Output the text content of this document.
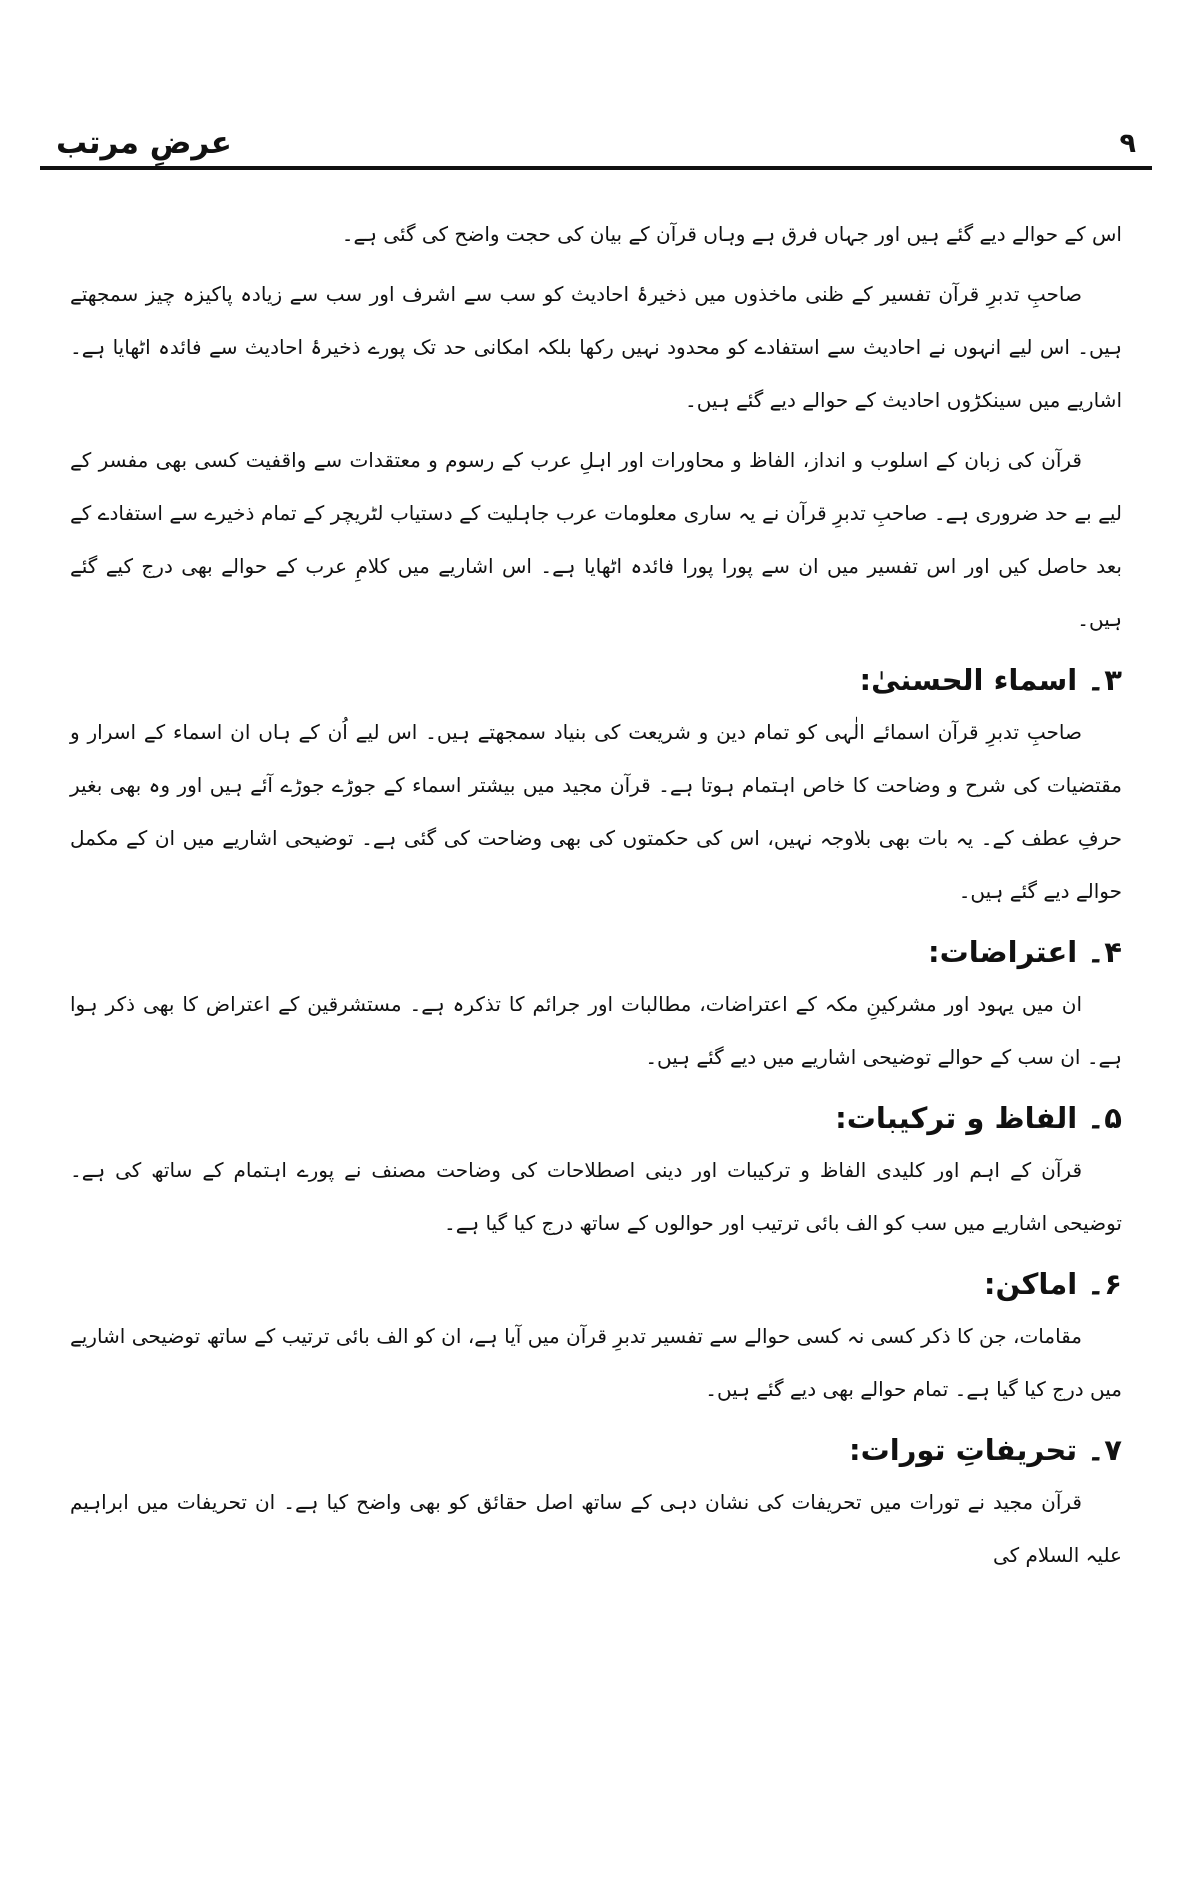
۹
عرضِ مرتب

اس کے حوالے دیے گئے ہیں اور جہاں فرق ہے وہاں قرآن کے بیان کی حجت واضح کی گئی ہے۔

صاحبِ تدبرِ قرآن تفسیر کے ظنی ماخذوں میں ذخیرۂ احادیث کو سب سے اشرف اور سب سے زیادہ پاکیزہ چیز سمجھتے ہیں۔ اس لیے انہوں نے احادیث سے استفادے کو محدود نہیں رکھا بلکہ امکانی حد تک پورے ذخیرۂ احادیث سے فائدہ اٹھایا ہے۔ اشاریے میں سینکڑوں احادیث کے حوالے دیے گئے ہیں۔

قرآن کی زبان کے اسلوب و انداز، الفاظ و محاورات اور اہلِ عرب کے رسوم و معتقدات سے واقفیت کسی بھی مفسر کے لیے بے حد ضروری ہے۔ صاحبِ تدبرِ قرآن نے یہ ساری معلومات عرب جاہلیت کے دستیاب لٹریچر کے تمام ذخیرے سے استفادے کے بعد حاصل کیں اور اس تفسیر میں ان سے پورا پورا فائدہ اٹھایا ہے۔ اس اشاریے میں کلامِ عرب کے حوالے بھی درج کیے گئے ہیں۔

۳۔ اسماء الحسنیٰ:

صاحبِ تدبرِ قرآن اسمائے الٰہی کو تمام دین و شریعت کی بنیاد سمجھتے ہیں۔ اس لیے اُن کے ہاں ان اسماء کے اسرار و مقتضیات کی شرح و وضاحت کا خاص اہتمام ہوتا ہے۔ قرآن مجید میں بیشتر اسماء کے جوڑے جوڑے آئے ہیں اور وہ بھی بغیر حرفِ عطف کے۔ یہ بات بھی بلاوجہ نہیں، اس کی حکمتوں کی بھی وضاحت کی گئی ہے۔ توضیحی اشاریے میں ان کے مکمل حوالے دیے گئے ہیں۔

۴۔ اعتراضات:

ان میں یہود اور مشرکینِ مکہ کے اعتراضات، مطالبات اور جرائم کا تذکرہ ہے۔ مستشرقین کے اعتراض کا بھی ذکر ہوا ہے۔ ان سب کے حوالے توضیحی اشاریے میں دیے گئے ہیں۔

۵۔ الفاظ و ترکیبات:

قرآن کے اہم اور کلیدی الفاظ و ترکیبات اور دینی اصطلاحات کی وضاحت مصنف نے پورے اہتمام کے ساتھ کی ہے۔ توضیحی اشاریے میں سب کو الف بائی ترتیب اور حوالوں کے ساتھ درج کیا گیا ہے۔

۶۔ اماکن:

مقامات، جن کا ذکر کسی نہ کسی حوالے سے تفسیر تدبرِ قرآن میں آیا ہے، ان کو الف بائی ترتیب کے ساتھ توضیحی اشاریے میں درج کیا گیا ہے۔ تمام حوالے بھی دیے گئے ہیں۔

۷۔ تحریفاتِ تورات:

قرآن مجید نے تورات میں تحریفات کی نشان دہی کے ساتھ اصل حقائق کو بھی واضح کیا ہے۔ ان تحریفات میں ابراہیم علیہ السلام کی
